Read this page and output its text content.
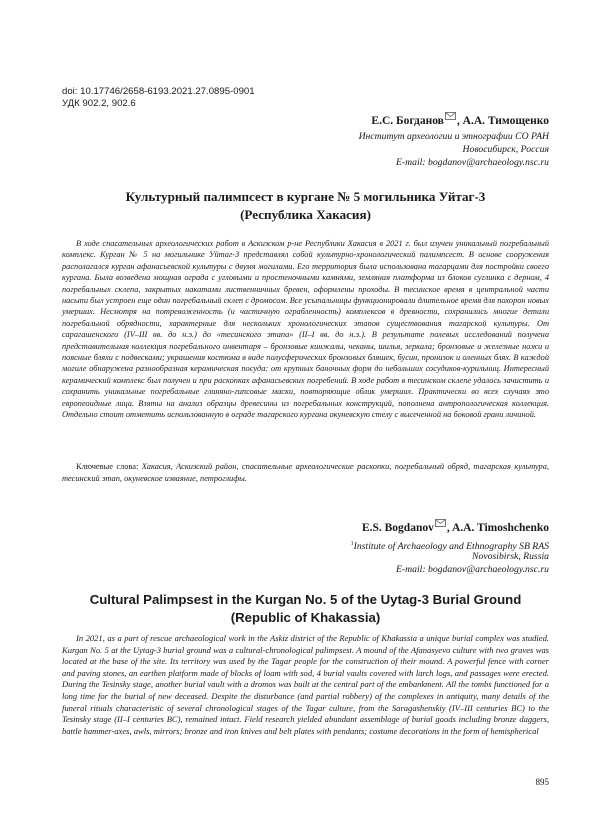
doi: 10.17746/2658-6193.2021.27.0895-0901
УДК 902.2, 902.6
Е.С. Богданов , А.А. Тимощенко
Институт археологии и этнографии СО РАН
Новосибирск, Россия
E-mail: bogdanov@archaeology.nsc.ru
Культурный палимпсест в кургане № 5 могильника Уйтаг-3
(Республика Хакасия)
В ходе спасательных археологических работ в Аскизском р-не Республики Хакасия в 2021 г. был изучен уникальный погребальный комплекс. Курган № 5 на могильнике Уйтаг-3 представлял собой культурно-хронологический палимпсест. В основе сооружения располагался курган афанасьевской культуры с двумя могилами. Его территория была использована тагарцами для постройки своего кургана. Была возведена мощная ограда с угловыми и простеночными камнями, земляная платформа из блоков суглинка с дерном, 4 погребальных склепа, закрытых накатами лиственничных бревен, оформлены проходы. В тесинское время в центральной части насыпи был устроен еще один погребальный склеп с дромосом. Все усыпальницы функционировали длительное время для похорон новых умерших. Несмотря на потревоженность (и частичную ограбленность) комплексов в древности, сохранились многие детали погребальной обрядности, характерные для нескольких хронологических этапов существования тагарской культуры. От сарагашенского (IV–III вв. до н.э.) до «тесинского этапа» (II–I вв. до н.э.). В результате полевых исследований получена представительная коллекция погребального инвентаря – бронзовые кинжалы, чеканы, шилья, зеркала; бронзовые и железные ножи и поясные бляхи с подвесками; украшения костюма в виде полусферических бронзовых бляшек, бусин, пронизок и оленных блях. В каждой могиле обнаружена разнообразная керамическая посуда: от крупных баночных форм до небольших сосудиков-курильниц. Интересный керамический комплекс был получен и при раскопках афанасьевских погребений. В ходе работ в тесинском склепе удалось зачистить и сохранить уникальные погребальные глиняно-гипсовые маски, повторяющие облик умерших. Практически во всех случаях это европеоидные лица. Взяты на анализ образцы древесины из погребальных конструкций, пополнена антропологическая коллекция. Отдельно стоит отметить использованную в ограде тагарского кургана окуневскую стелу с высеченной на боковой грани личиной.
Ключевые слова: Хакасия, Аскизский район, спасательные археологические раскопки, погребальный обряд, тагарская культура, тесинский этап, окуневское изваяние, петроглифы.
E.S. Bogdanov , A.A. Timoshchenko
$^1$Institute of Archaeology and Ethnography SB RAS
Novosibirsk, Russia
E-mail: bogdanov@archaeology.nsc.ru
Cultural Palimpsest in the Kurgan No. 5 of the Uytag-3 Burial Ground
(Republic of Khakassia)
In 2021, as a part of rescue archaeological work in the Askiz district of the Republic of Khakassia a unique burial complex was studied. Kurgan No. 5 at the Uytag-3 burial ground was a cultural-chronological palimpsest. A mound of the Afanasyevo culture with two graves was located at the base of the site. Its territory was used by the Tagar people for the construction of their mound. A powerful fence with corner and paving stones, an earthen platform made of blocks of loam with sod, 4 burial vaults covered with larch logs, and passages were erected. During the Tesinsky stage, another burial vault with a dromos was built at the central part of the embankment. All the tombs functioned for a long time for the burial of new deceased. Despite the disturbance (and partial robbery) of the complexes in antiquity, many details of the funeral rituals characteristic of several chronological stages of the Tagar culture, from the Saragashenskiy (IV–III centuries BC) to the Tesinsky stage (II–I centuries BC), remained intact. Field research yielded abundant assemblage of burial goods including bronze daggers, battle hammer-axes, awls, mirrors; bronze and iron knives and belt plates with pendants; costume decorations in the form of hemispherical
895
